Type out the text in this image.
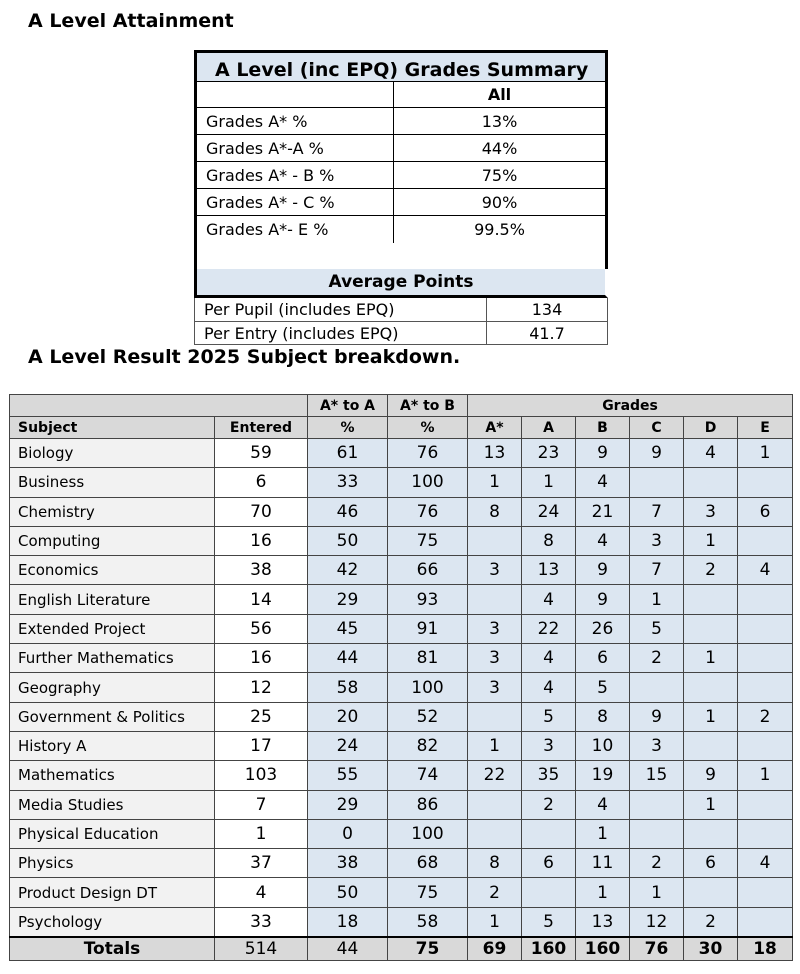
A Level Attainment
A Level (inc EPQ) Grades Summary
All
Grades A* %	13%
Grades A*-A %	44%
Grades A* - B %	75%
Grades A* - C %	90%
Grades A*- E %	99.5%
Average Points
Per Pupil (includes EPQ)	134
Per Entry (includes EPQ)	41.7
A Level Result 2025 Subject breakdown.
		A* to A	A* to B	Grades					
Subject	Entered	%	%	A*	A	B	C	D	E
Biology	59	61	76	13	23	9	9	4	1
Business	6	33	100	1	1	4			
Chemistry	70	46	76	8	24	21	7	3	6
Computing	16	50	75		8	4	3	1	
Economics	38	42	66	3	13	9	7	2	4
English Literature	14	29	93		4	9	1		
Extended Project	56	45	91	3	22	26	5		
Further Mathematics	16	44	81	3	4	6	2	1	
Geography	12	58	100	3	4	5			
Government & Politics	25	20	52		5	8	9	1	2
History A	17	24	82	1	3	10	3		
Mathematics	103	55	74	22	35	19	15	9	1
Media Studies	7	29	86		2	4		1	
Physical Education	1	0	100			1			
Physics	37	38	68	8	6	11	2	6	4
Product Design DT	4	50	75	2		1	1		
Psychology	33	18	58	1	5	13	12	2	
Totals	514	44	75	69	160	160	76	30	18
